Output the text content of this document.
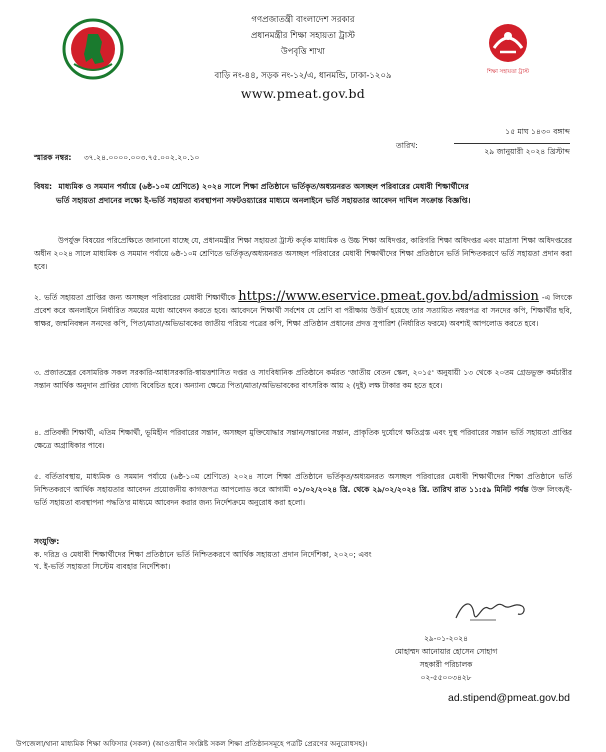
শিক্ষা সহায়তা ট্রাস্ট
গণপ্রজাতন্ত্রী বাংলাদেশ সরকার
প্রধানমন্ত্রীর শিক্ষা সহায়তা ট্রাস্ট
উপবৃত্তি শাখা
বাড়ি নং-৪৪, সড়ক নং-১২/এ, ধানমন্ডি, ঢাকা-১২০৯
www.pmeat.gov.bd
১৫ মাঘ ১৪৩০ বঙ্গাব্দ
তারিখ:
২৯ জানুয়ারী ২০২৪ খ্রিস্টাব্দ
স্মারক নম্বর: ৩৭.২৪.০০০০.০০৩.৭৫.০০২.২০.১০
বিষয়: মাধ্যমিক ও সমমান পর্যায়ে (৬ষ্ঠ-১০ম শ্রেণিতে) ২০২৪ সালে শিক্ষা প্রতিষ্ঠানে ভর্তিকৃত/অধ্যয়নরত অসচ্ছল পরিবারের মেধাবী শিক্ষার্থীদের
ভর্তি সহায়তা প্রদানের লক্ষ্যে ই-ভর্তি সহায়তা ব্যবস্থাপনা সফটওয়্যারের মাধ্যমে অনলাইনে ভর্তি সহায়তার আবেদন দাখিল সংক্রান্ত বিজ্ঞপ্তি।
উপর্যুক্ত বিষয়ের পরিপ্রেক্ষিতে জানানো যাচ্ছে যে, প্রধানমন্ত্রীর শিক্ষা সহায়তা ট্রাস্ট কর্তৃক মাধ্যমিক ও উচ্চ শিক্ষা অধিদপ্তর, কারিগরি শিক্ষা অধিদপ্তর এবং মাদ্রাসা শিক্ষা অধিদপ্তরের অধীন ২০২৪ সালে মাধ্যমিক ও সমমান পর্যায়ে ৬ষ্ঠ-১০ম শ্রেণিতে ভর্তিকৃত/অধ্যয়নরত অসচ্ছল পরিবারের মেধাবী শিক্ষার্থীদের শিক্ষা প্রতিষ্ঠানে ভর্তি নিশ্চিতকরণে ভর্তি সহায়তা প্রদান করা হবে।
২. ভর্তি সহায়তা প্রাপ্তির জন্য অসচ্ছল পরিবারের মেধাবী শিক্ষার্থীকে https://www.eservice.pmeat.gov.bd/admission -এ লিংকে প্রবেশ করে অনলাইনে নির্ধারিত সময়ের মধ্যে আবেদন করতে হবে। আবেদনে শিক্ষার্থী সর্বশেষ যে শ্রেণি বা পরীক্ষায় উত্তীর্ণ হয়েছে তার সত্যায়িত নম্বরপত্র বা সনদের কপি, শিক্ষার্থীর ছবি, স্বাক্ষর, জন্মনিবন্ধন সনদের কপি, পিতা/মাতা/অভিভাবকের জাতীয় পরিচয় পত্রের কপি, শিক্ষা প্রতিষ্ঠান প্রধানের প্রদত্ত সুপারিশ (নির্ধারিত ফরমে) অবশ্যই আপলোড করতে হবে।
৩. প্রজাতন্ত্রের বেসামরিক সকল সরকারি-আধাসরকারি-স্বায়ত্তশাসিত দপ্তর ও সাংবিধানিক প্রতিষ্ঠানে কর্মরত 'জাতীয় বেতন স্কেল, ২০১৫' অনুযায়ী ১৩ থেকে ২০তম গ্রেডভুক্ত কর্মচারীর সন্তান আর্থিক অনুদান প্রাপ্তির যোগ্য বিবেচিত হবে। অন্যান্য ক্ষেত্রে পিতা/মাতা/অভিভাবকের বাৎসরিক আয় ২ (দুই) লক্ষ টাকার কম হতে হবে।
৪. প্রতিবন্ধী শিক্ষার্থী, এতিম শিক্ষার্থী, ভূমিহীন পরিবারের সন্তান, অসচ্ছল মুক্তিযোদ্ধার সন্তান/সন্তানের সন্তান, প্রাকৃতিক দুর্যোগে ক্ষতিগ্রস্ত এবং দুস্থ পরিবারের সন্তান ভর্তি সহায়তা প্রাপ্তির ক্ষেত্রে অগ্রাধিকার পাবে।
৫. বর্তিতাবস্থায়, মাধ্যমিক ও সমমান পর্যায়ে (৬ষ্ঠ-১০ম শ্রেণিতে) ২০২৪ সালে শিক্ষা প্রতিষ্ঠানে ভর্তিকৃত/অধ্যয়নরত অসচ্ছল পরিবারের মেধাবী শিক্ষার্থীদের শিক্ষা প্রতিষ্ঠানে ভর্তি নিশ্চিতকরণে আর্থিক সহায়তার আবেদন প্রয়োজনীয় কাগজপত্র আপলোড করে আগামী ০১/০২/২০২৪ খ্রি. থেকে ২৯/০২/২০২৪ খ্রি. তারিখ রাত ১১:৫৯ মিনিট পর্যন্ত উক্ত লিংক/ই-ভর্তি সহায়তা ব্যবস্থাপনা পদ্ধতি'র মাধ্যমে আবেদন করার জন্য নির্দেশক্রমে অনুরোধ করা হলো।
সংযুক্তি:
ক. দরিদ্র ও মেধাবী শিক্ষার্থীদের শিক্ষা প্রতিষ্ঠানে ভর্তি নিশ্চিতকরণে আর্থিক সহায়তা প্রদান নির্দেশিকা, ২০২০; এবং
খ. ই-ভর্তি সহায়তা সিস্টেম ব্যবহার নির্দেশিকা।
২৯-০১-২০২৪
মোহাম্মদ আনোয়ার হোসেন সোহাগ
সহকারী পরিচালক
০২-৫৫০০৩৪২৮
ad.stipend@pmeat.gov.bd
উপজেলা/থানা মাধ্যমিক শিক্ষা অফিসার (সকল) (আওতাধীন সংশ্লিষ্ট সকল শিক্ষা প্রতিষ্ঠানসমূহে পত্রটি প্রেরণের অনুরোধসহ)।
